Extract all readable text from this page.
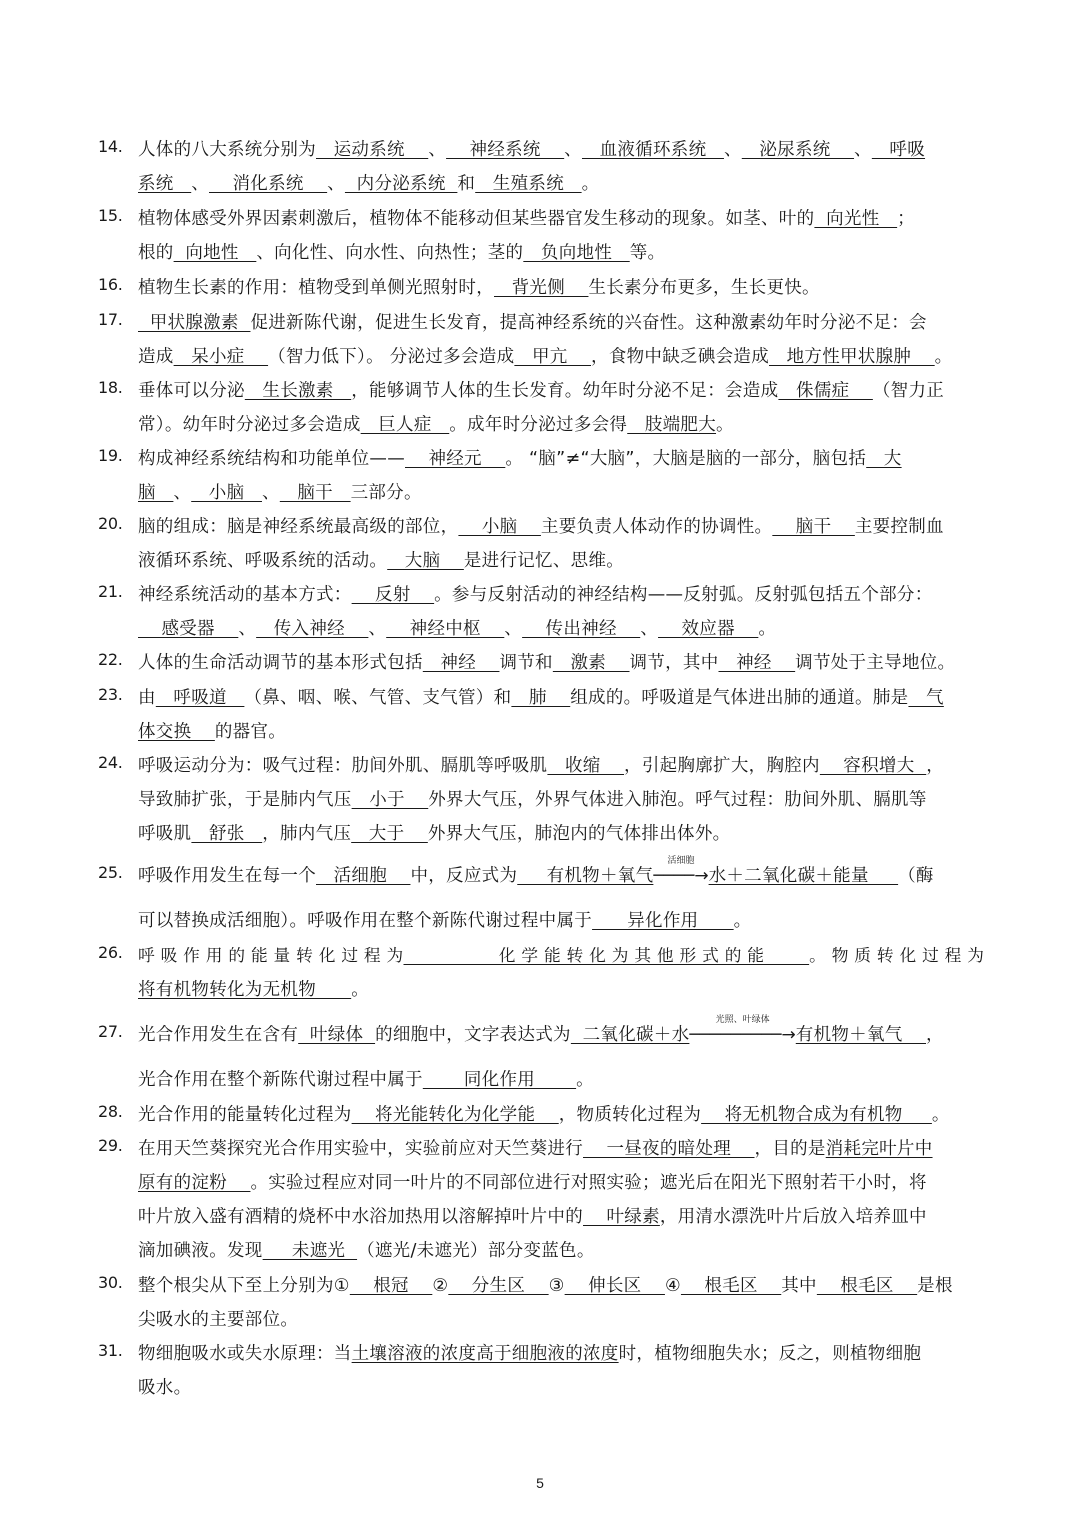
14. 人体的八大系统分别为   运动系统    、    神经系统    、   血液循环系统   、   泌尿系统    、   呼吸
系统   、    消化系统    、  内分泌系统  和   生殖系统   。
15. 植物体感受外界因素刺激后，植物体不能移动但某些器官发生移动的现象。如茎、叶的  向光性   ；
根的  向地性   、向化性、向水性、向热性；茎的   负向地性   等。
16. 植物生长素的作用：植物受到单侧光照射时，   背光侧    生长素分布更多，生长更快。
17. 甲状腺激素  促进新陈代谢，促进生长发育，提高神经系统的兴奋性。这种激素幼年时分泌不足：会
造成   呆小症    （智力低下）。 分泌过多会造成   甲亢    ，食物中缺乏碘会造成   地方性甲状腺肿    。
18. 垂体可以分泌   生长激素   ，能够调节人体的生长发育。幼年时分泌不足：会造成   侏儒症    （智力正
常）。幼年时分泌过多会造成   巨人症   。成年时分泌过多会得   肢端肥大。
19. 构成神经系统结构和功能单位——    神经元    。 “脑”≠“大脑”，大脑是脑的一部分，脑包括   大
脑   、   小脑   、   脑干   三部分。
20. 脑的组成：脑是神经系统最高级的部位，    小脑    主要负责人体动作的协调性。    脑干    主要控制血
液循环系统、呼吸系统的活动。   大脑    是进行记忆、思维。
21. 神经系统活动的基本方式：    反射    。参与反射活动的神经结构——反射弧。反射弧包括五个部分：
感受器    、   传入神经    、    神经中枢    、    传出神经    、    效应器    。
22. 人体的生命活动调节的基本形式包括   神经    调节和   激素    调节，其中   神经    调节处于主导地位。
23. 由   呼吸道   （鼻、咽、喉、气管、支气管）和   肺    组成的。呼吸道是气体进出肺的通道。肺是   气
体交换    的器官。
24. 呼吸运动分为：吸气过程：肋间外肌、膈肌等呼吸肌   收缩    ，引起胸廓扩大，胸腔内    容积增大  ，
导致肺扩张，于是肺内气压   小于    外界大气压，外界气体进入肺泡。呼气过程：肋间外肌、膈肌等
呼吸肌   舒张   ，肺内气压   大于    外界大气压，肺泡内的气体排出体外。
25. 呼吸作用发生在每一个   活细胞    中，反应式为     有机物＋氧气
活细胞
────→水＋二氧化碳＋能量     （酶
可以替换成活细胞）。呼吸作用在整个新陈代谢过程中属于      异化作用      。
26. 呼 吸 作 用 的 能 量 转 化 过 程 为                 化 学 能 转 化 为 其 他 形 式 的 能        。 物 质 转 化 过 程 为
将有机物转化为无机物      。
27. 光合作用发生在含有  叶绿体  的细胞中，文字表达式为  二氧化碳＋水
光照、叶绿体
─────────→有机物＋氧气    ，
光合作用在整个新陈代谢过程中属于       同化作用       。
28. 光合作用的能量转化过程为    将光能转化为化学能    ，物质转化过程为    将无机物合成为有机物     。
29. 在用天竺葵探究光合作用实验中，实验前应对天竺葵进行    一昼夜的暗处理    ，目的是消耗完叶片中
原有的淀粉    。实验过程应对同一叶片的不同部位进行对照实验；遮光后在阳光下照射若干小时，将
叶片放入盛有酒精的烧杯中水浴加热用以溶解掉叶片中的    叶绿素，用清水漂洗叶片后放入培养皿中
滴加碘液。发现     未遮光  （遮光/未遮光）部分变蓝色。
30. 整个根尖从下至上分别为①    根冠    ②    分生区    ③    伸长区    ④    根毛区    其中    根毛区    是根
尖吸水的主要部位。
31. 物细胞吸水或失水原理：当土壤溶液的浓度高于细胞液的浓度时，植物细胞失水；反之，则植物细胞
吸水。
5
